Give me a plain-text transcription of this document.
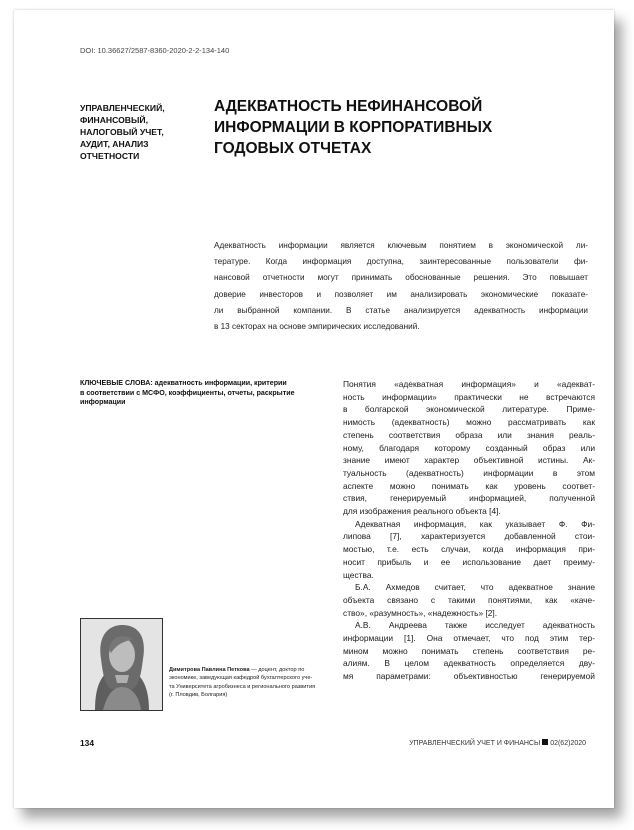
DOI: 10.36627/2587-8360-2020-2-2-134-140
УПРАВЛЕНЧЕСКИЙ,
ФИНАНСОВЫЙ,
НАЛОГОВЫЙ УЧЕТ,
АУДИТ, АНАЛИЗ
ОТЧЕТНОСТИ
АДЕКВАТНОСТЬ НЕФИНАНСОВОЙ
ИНФОРМАЦИИ В КОРПОРАТИВНЫХ
ГОДОВЫХ ОТЧЕТАХ
Адекватность информации является ключевым понятием в экономической ли-
тературе. Когда информация доступна, заинтересованные пользователи фи-
нансовой отчетности могут принимать обоснованные решения. Это повышает
доверие инвесторов и позволяет им анализировать экономические показате-
ли выбранной компании. В статье анализируется адекватность информации
в 13 секторах на основе эмпирических исследований.
КЛЮЧЕВЫЕ СЛОВА: адекватность информации, критерии
в соответствии с МСФО, коэффициенты, отчеты, раскрытие
информации
Понятия «адекватная информация» и «адекват-
ность информации» практически не встречаются
в болгарской экономической литературе. Приме-
нимость (адекватность) можно рассматривать как
степень соответствия образа или знания реаль-
ному, благодаря которому созданный образ или
знание имеют характер объективной истины. Ак-
туальность (адекватность) информации в этом
аспекте можно понимать как уровень соответ-
ствия, генерируемый информацией, полученной
для изображения реального объекта [4].
Адекватная информация, как указывает Ф. Фи-
липова [7], характеризуется добавленной стои-
мостью, т.е. есть случаи, когда информация при-
носит прибыль и ее использование дает преиму-
щества.
Б.А. Ахмедов считает, что адекватное знание
объекта связано с такими понятиями, как «каче-
ство», «разумность», «надежность» [2].
А.В. Андреева также исследует адекватность
информации [1]. Она отмечает, что под этим тер-
мином можно понимать степень соответствия ре-
алиям. В целом адекватность определяется дву-
мя параметрами: объективностью генерируемой
Димитрова Павлина Петкова — доцент, доктор по
экономике, заведующая кафедрой бухгалтерского уче-
та Университета агробизнеса и регионального развития
(г. Пловдив, Болгария)
134	УПРАВЛЕНЧЕСКИЙ УЧЕТ И ФИНАНСЫ 02(62)2020
